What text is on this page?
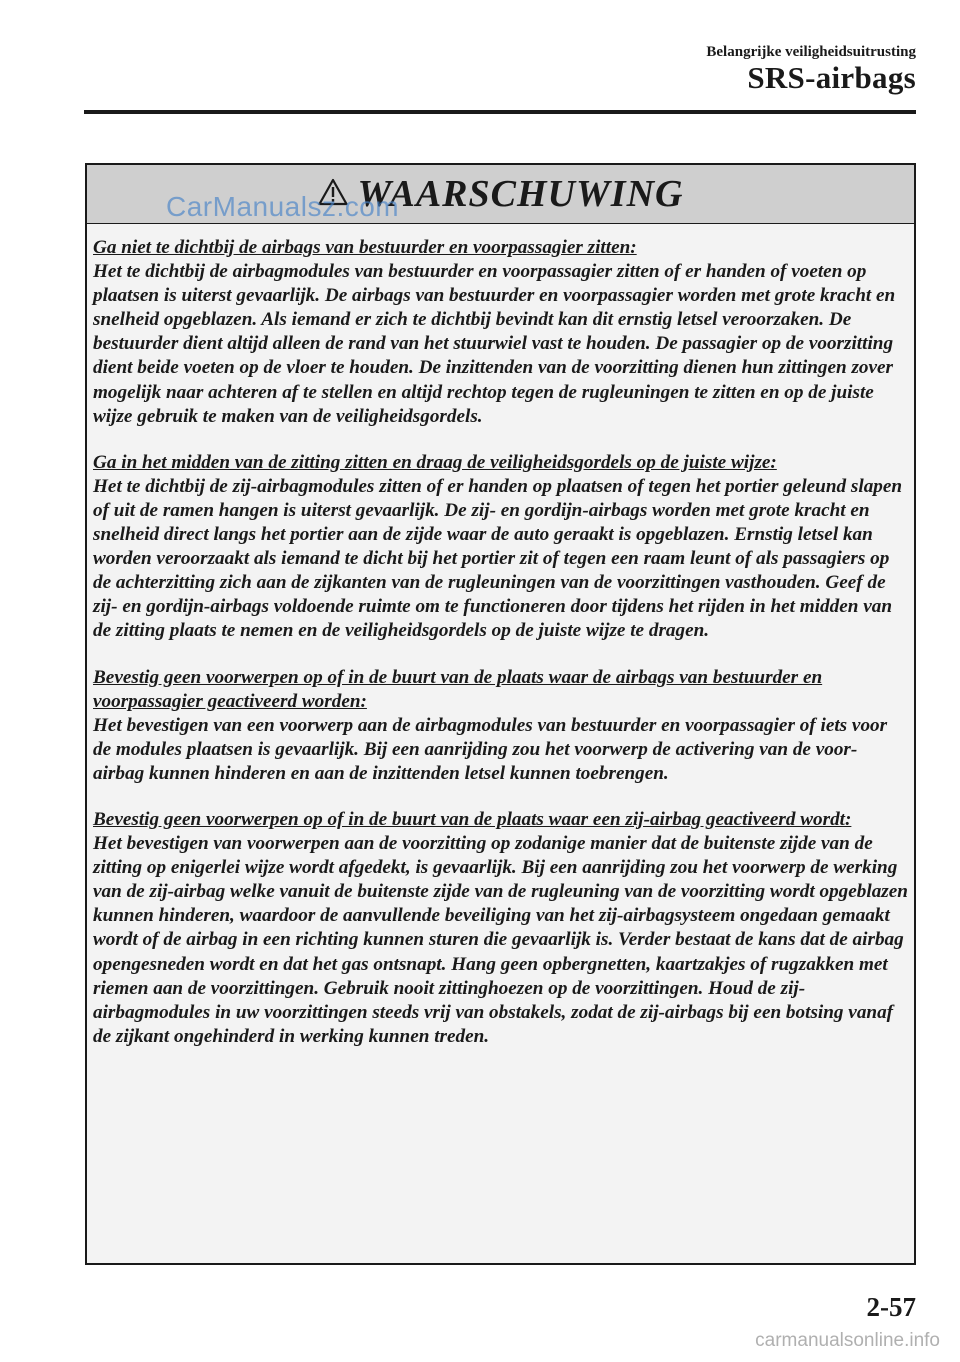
Belangrijke veiligheidsuitrusting
SRS-airbags
WAARSCHUWING
Ga niet te dichtbij de airbags van bestuurder en voorpassagier zitten:
Het te dichtbij de airbagmodules van bestuurder en voorpassagier zitten of er handen of voeten op plaatsen is uiterst gevaarlijk. De airbags van bestuurder en voorpassagier worden met grote kracht en snelheid opgeblazen. Als iemand er zich te dichtbij bevindt kan dit ernstig letsel veroorzaken. De bestuurder dient altijd alleen de rand van het stuurwiel vast te houden. De passagier op de voorzitting dient beide voeten op de vloer te houden. De inzittenden van de voorzitting dienen hun zittingen zover mogelijk naar achteren af te stellen en altijd rechtop tegen de rugleuningen te zitten en op de juiste wijze gebruik te maken van de veiligheidsgordels.
Ga in het midden van de zitting zitten en draag de veiligheidsgordels op de juiste wijze:
Het te dichtbij de zij-airbagmodules zitten of er handen op plaatsen of tegen het portier geleund slapen of uit de ramen hangen is uiterst gevaarlijk. De zij- en gordijn-airbags worden met grote kracht en snelheid direct langs het portier aan de zijde waar de auto geraakt is opgeblazen. Ernstig letsel kan worden veroorzaakt als iemand te dicht bij het portier zit of tegen een raam leunt of als passagiers op de achterzitting zich aan de zijkanten van de rugleuningen van de voorzittingen vasthouden. Geef de zij- en gordijn-airbags voldoende ruimte om te functioneren door tijdens het rijden in het midden van de zitting plaats te nemen en de veiligheidsgordels op de juiste wijze te dragen.
Bevestig geen voorwerpen op of in de buurt van de plaats waar de airbags van bestuurder en voorpassagier geactiveerd worden:
Het bevestigen van een voorwerp aan de airbagmodules van bestuurder en voorpassagier of iets voor de modules plaatsen is gevaarlijk. Bij een aanrijding zou het voorwerp de activering van de voor-airbag kunnen hinderen en aan de inzittenden letsel kunnen toebrengen.
Bevestig geen voorwerpen op of in de buurt van de plaats waar een zij-airbag geactiveerd wordt:
Het bevestigen van voorwerpen aan de voorzitting op zodanige manier dat de buitenste zijde van de zitting op enigerlei wijze wordt afgedekt, is gevaarlijk. Bij een aanrijding zou het voorwerp de werking van de zij-airbag welke vanuit de buitenste zijde van de rugleuning van de voorzitting wordt opgeblazen kunnen hinderen, waardoor de aanvullende beveiliging van het zij-airbagsysteem ongedaan gemaakt wordt of de airbag in een richting kunnen sturen die gevaarlijk is. Verder bestaat de kans dat de airbag opengesneden wordt en dat het gas ontsnapt. Hang geen opbergnetten, kaartzakjes of rugzakken met riemen aan de voorzittingen. Gebruik nooit zittinghoezen op de voorzittingen. Houd de zij-airbagmodules in uw voorzittingen steeds vrij van obstakels, zodat de zij-airbags bij een botsing vanaf de zijkant ongehinderd in werking kunnen treden.
CarManualsz.com
2-57
carmanualsonline.info
